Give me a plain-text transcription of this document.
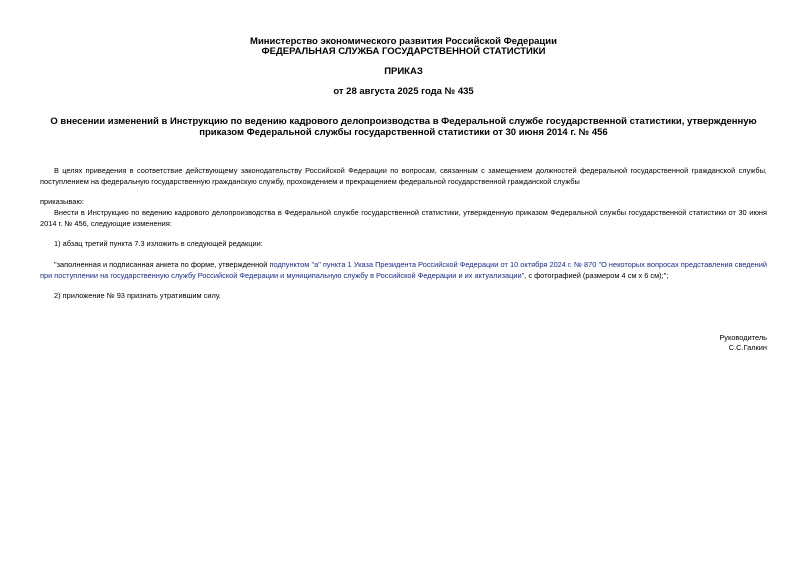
Министерство экономического развития Российской Федерации
ФЕДЕРАЛЬНАЯ СЛУЖБА ГОСУДАРСТВЕННОЙ СТАТИСТИКИ
ПРИКАЗ
от 28 августа 2025 года № 435
О внесении изменений в Инструкцию по ведению кадрового делопроизводства в Федеральной службе государственной статистики, утвержденную приказом Федеральной службы государственной статистики от 30 июня 2014 г. № 456
В целях приведения в соответствие действующему законодательству Российской Федерации по вопросам, связанным с замещением должностей федеральной государственной гражданской службы, поступлением на федеральную государственную гражданскую службу, прохождением и прекращением федеральной государственной гражданской службы
приказываю:
Внести в Инструкцию по ведению кадрового делопроизводства в Федеральной службе государственной статистики, утвержденную приказом Федеральной службы государственной статистики от 30 июня 2014 г. № 456, следующие изменения:
1) абзац третий пункта 7.3 изложить в следующей редакции:
"заполненная и подписанная анкета по форме, утвержденной подпунктом "а" пункта 1 Указа Президента Российской Федерации от 10 октября 2024 г. № 870 "О некоторых вопросах представления сведений при поступлении на государственную службу Российской Федерации и муниципальную службу в Российской Федерации и их актуализации", с фотографией (размером 4 см х 6 см);";
2) приложение № 93 признать утратившим силу.
Руководитель
С.С.Галкин
